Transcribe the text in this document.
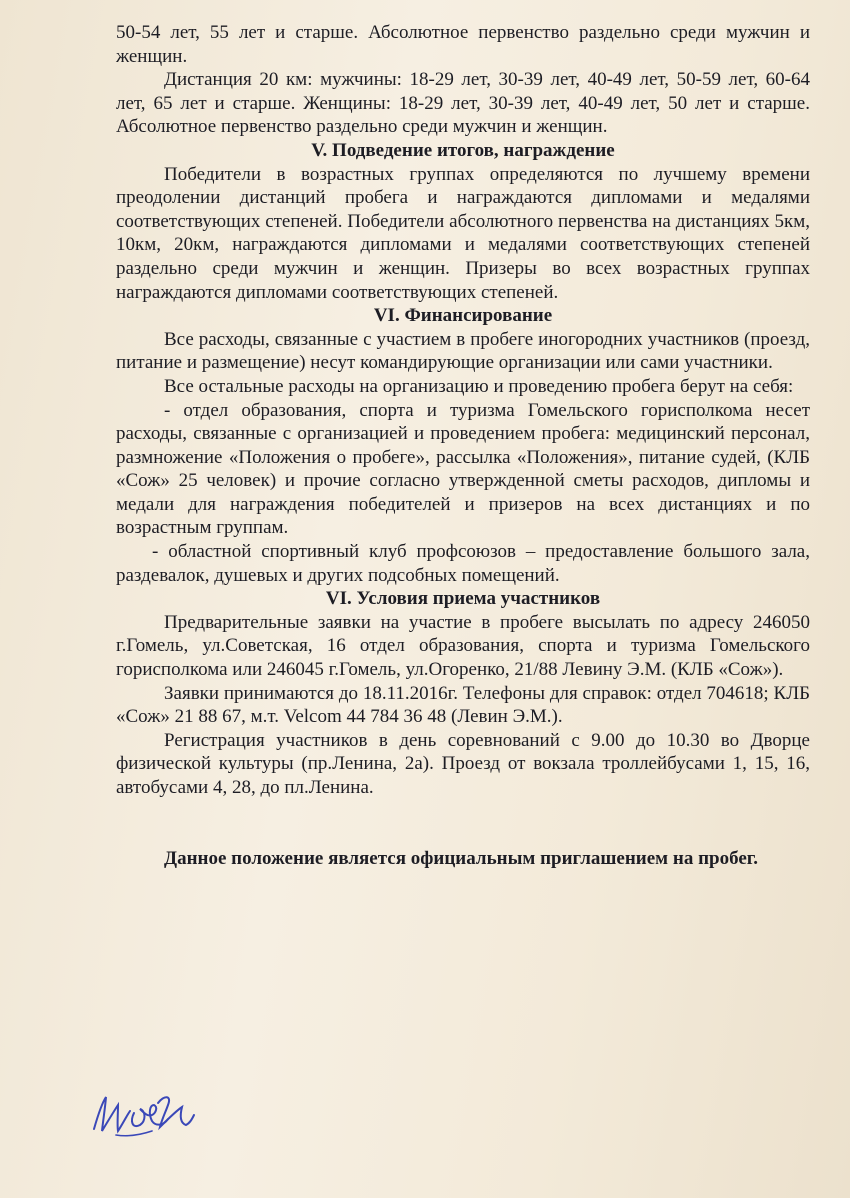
50-54 лет, 55 лет и старше. Абсолютное первенство раздельно среди мужчин и женщин.

Дистанция 20 км: мужчины: 18-29 лет, 30-39 лет, 40-49 лет, 50-59 лет, 60-64 лет, 65 лет и старше. Женщины: 18-29 лет, 30-39 лет, 40-49 лет, 50 лет и старше. Абсолютное первенство раздельно среди мужчин и женщин.

V. Подведение итогов, награждение

Победители в возрастных группах определяются по лучшему времени преодолении дистанций пробега и награждаются дипломами и медалями соответствующих степеней. Победители абсолютного первенства на дистанциях 5км, 10км, 20км, награждаются дипломами и медалями соответствующих степеней раздельно среди мужчин и женщин. Призеры во всех возрастных группах награждаются дипломами соответствующих степеней.

VI. Финансирование

Все расходы, связанные с участием в пробеге иногородних участников (проезд, питание и размещение) несут командирующие организации или сами участники.

Все остальные расходы на организацию и проведению пробега берут на себя:

- отдел образования, спорта и туризма Гомельского горисполкома несет расходы, связанные с организацией и проведением пробега: медицинский персонал, размножение «Положения о пробеге», рассылка «Положения», питание судей, (КЛБ «Сож» 25 человек) и прочие согласно утвержденной сметы расходов, дипломы и медали для награждения победителей и призеров на всех дистанциях и по возрастным группам.

- областной спортивный клуб профсоюзов – предоставление большого зала, раздевалок, душевых и других подсобных помещений.

VI. Условия приема участников

Предварительные заявки на участие в пробеге высылать по адресу 246050 г.Гомель, ул.Советская, 16 отдел образования, спорта и туризма Гомельского горисполкома или 246045 г.Гомель, ул.Огоренко, 21/88 Левину Э.М. (КЛБ «Сож»).

Заявки принимаются до 18.11.2016г. Телефоны для справок: отдел 704618; КЛБ «Сож» 21 88 67, м.т. Velcom 44 784 36 48 (Левин Э.М.).

Регистрация участников в день соревнований с 9.00 до 10.30 во Дворце физической культуры (пр.Ленина, 2а). Проезд от вокзала троллейбусами 1, 15, 16, автобусами 4, 28, до пл.Ленина.

Данное положение является официальным приглашением на пробег.
